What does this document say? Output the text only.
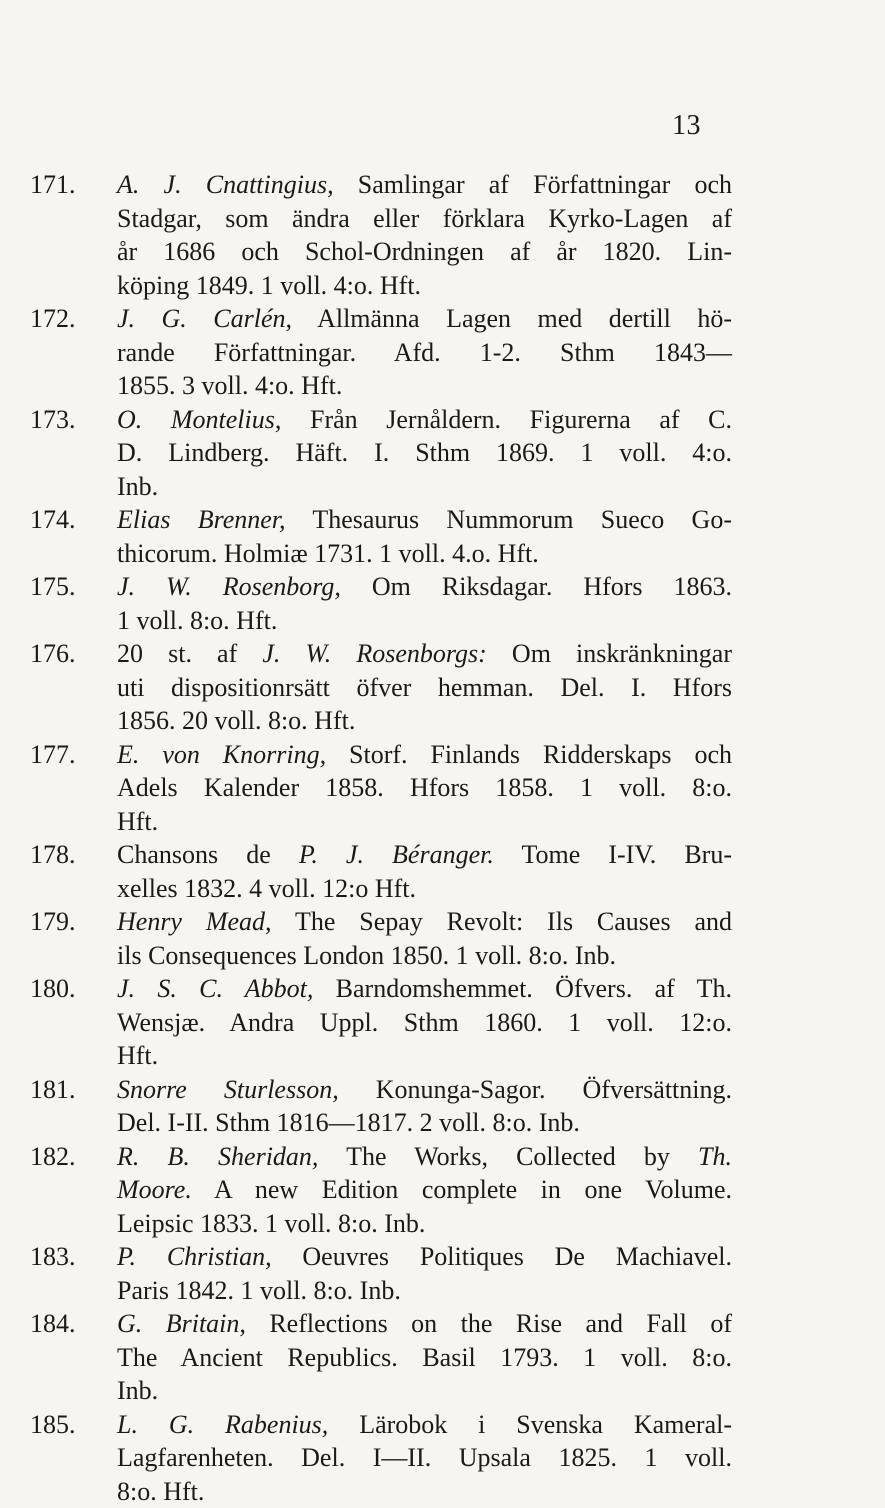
13
171. A. J. Cnattingius, Samlingar af Författningar och
Stadgar, som ändra eller förklara Kyrko-Lagen af
år 1686 och Schol-Ordningen af år 1820. Lin-
köping 1849. 1 voll. 4:o. Hft.
172. J. G. Carlén, Allmänna Lagen med dertill hö-
rande Författningar. Afd. 1-2. Sthm 1843—
1855. 3 voll. 4:o. Hft.
173. O. Montelius, Från Jernåldern. Figurerna af C.
D. Lindberg. Häft. I. Sthm 1869. 1 voll. 4:o.
Inb.
174. Elias Brenner, Thesaurus Nummorum Sueco Go-
thicorum. Holmiæ 1731. 1 voll. 4.o. Hft.
175. J. W. Rosenborg, Om Riksdagar. Hfors 1863.
1 voll. 8:o. Hft.
176. 20 st. af J. W. Rosenborgs: Om inskränkningar
uti dispositionrsätt öfver hemman. Del. I. Hfors
1856. 20 voll. 8:o. Hft.
177. E. von Knorring, Storf. Finlands Ridderskaps och
Adels Kalender 1858. Hfors 1858. 1 voll. 8:o.
Hft.
178. Chansons de P. J. Béranger. Tome I-IV. Bru-
xelles 1832. 4 voll. 12:o Hft.
179. Henry Mead, The Sepay Revolt: Ils Causes and
ils Consequences London 1850. 1 voll. 8:o. Inb.
180. J. S. C. Abbot, Barndomshemmet. Öfvers. af Th.
Wensjæ. Andra Uppl. Sthm 1860. 1 voll. 12:o.
Hft.
181. Snorre Sturlesson, Konunga-Sagor. Öfversättning.
Del. I-II. Sthm 1816—1817. 2 voll. 8:o. Inb.
182. R. B. Sheridan, The Works, Collected by Th.
Moore. A new Edition complete in one Volume.
Leipsic 1833. 1 voll. 8:o. Inb.
183. P. Christian, Oeuvres Politiques De Machiavel.
Paris 1842. 1 voll. 8:o. Inb.
184. G. Britain, Reflections on the Rise and Fall of
The Ancient Republics. Basil 1793. 1 voll. 8:o.
Inb.
185. L. G. Rabenius, Lärobok i Svenska Kameral-
Lagfarenheten. Del. I—II. Upsala 1825. 1 voll.
8:o. Hft.
